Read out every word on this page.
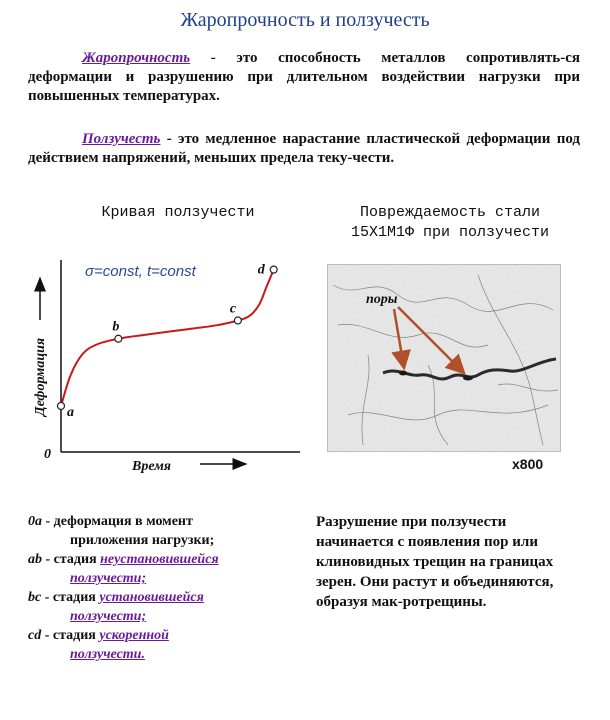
Жаропрочность и ползучесть
Жаропрочность - это способность металлов сопротивлять-ся деформации и разрушению при длительном воздействии нагрузки при повышенных температурах.
Ползучесть - это медленное нарастание пластической деформации под действием напряжений, меньших предела теку-чести.
Кривая ползучести	Повреждаемость стали
15Х1М1Ф при ползучести
Деформация
Время
0
σ=const, t=const
a
b
c
d
поры
x800
0а - деформация в момент
приложения нагрузки;
ab - стадия неустановившейся
ползучести;
bc - стадия установившейся
ползучести;
cd - стадия ускоренной
ползучести.
Разрушение при ползучести начинается с появления пор или клиновидных трещин на границах зерен. Они растут и объединяются, образуя мак-ротрещины.
